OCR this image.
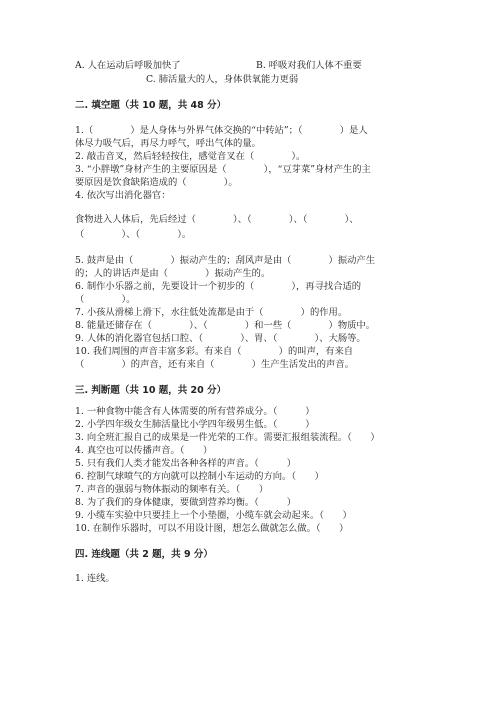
A. 人在运动后呼吸加快了	B. 呼吸对我们人体不重要
C. 肺活量大的人，身体供氧能力更弱
二. 填空题（共 10 题，共 48 分）
1.（　　　　）是人身体与外界气体交换的“中转站”；（　　　　）是人
体尽力吸气后，再尽力呼气，呼出气体的量。
2. 敲击音叉，然后轻轻按住，感觉音叉在（　　　　）。
3. “小胖墩”身材产生的主要原因是（　　　　），“豆芽菜”身材产生的主
要原因是饮食缺陷造成的（　　　　）。
4. 依次写出消化器官：
食物进入人体后，先后经过（　　　　）、（　　　　）、（　　　　）、
（　　　　）、（　　　　）。
5. 鼓声是由（　　　　）振动产生的；刮风声是由（　　　　）振动产生
的；人的讲话声是由（　　　　）振动产生的。
6. 制作小乐器之前，先要设计一个初步的（　　　　），再寻找合适的
（　　　　）。
7. 小孩从滑梯上滑下，水往低处流都是由于（　　　　）的作用。
8. 能量还储存在（　　　　）、（　　　　）和一些（　　　　）物质中。
9. 人体的消化器官包括口腔、（　　　　）、胃、（　　　　）、大肠等。
10. 我们周围的声音丰富多彩。有来自（　　　　）的叫声，有来自
（　　　　）的声音，还有来自（　　　　）生产生活发出的声音。
三. 判断题（共 10 题，共 20 分）
1. 一种食物中能含有人体需要的所有营养成分。（　　　）
2. 小学四年级女生肺活量比小学四年级男生低。（　　　）
3. 向全班汇报自己的成果是一件光荣的工作。需要汇报组装流程。（　　）
4. 真空也可以传播声音。（　　）
5. 只有我们人类才能发出各种各样的声音。（　　　）
6. 控制气球喷气的方向就可以控制小车运动的方向。（　　）
7. 声音的强弱与物体振动的频率有关。（　　）
8. 为了我们的身体健康，要做到营养均衡。（　　　）
9. 小缆车实验中只要挂上一个小垫圈，小缆车就会动起来。（　　）
10. 在制作乐器时，可以不用设计图，想怎么做就怎么做。（　　）
四. 连线题（共 2 题，共 9 分）
1. 连线。
